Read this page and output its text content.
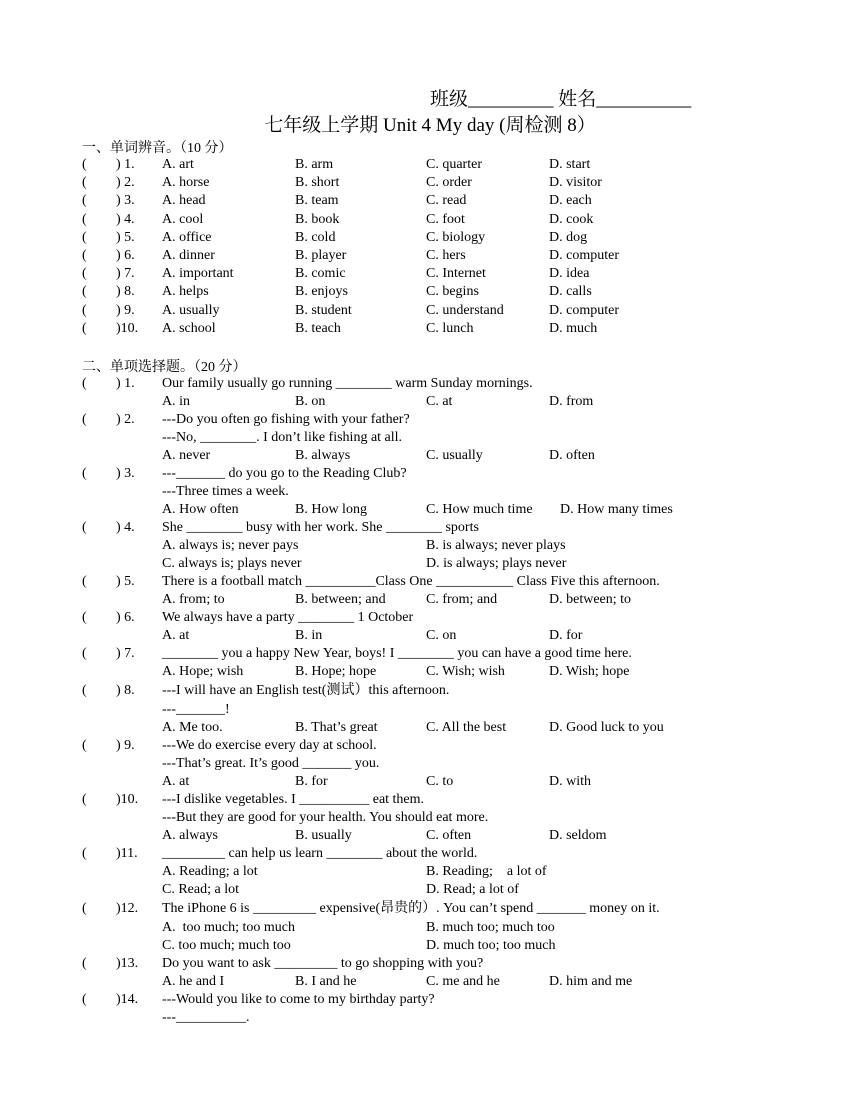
班级_________ 姓名__________
七年级上学期 Unit 4 My day (周检测 8）
一、单词辨音。（10 分）
( ) 1. A. art	B. arm	C. quarter	D. start
( ) 2. A. horse	B. short	C. order	D. visitor
( ) 3. A. head	B. team	C. read	D. each
( ) 4. A. cool	B. book	C. foot	D. cook
( ) 5. A. office	B. cold	C. biology	D. dog
( ) 6. A. dinner	B. player	C. hers	D. computer
( ) 7. A. important	B. comic	C. Internet	D. idea
( ) 8. A. helps	B. enjoys	C. begins	D. calls
( ) 9. A. usually	B. student	C. understand	D. computer
( )10. A. school	B. teach	C. lunch	D. much
二、单项选择题。（20 分）
( ) 1. Our family usually go running ________ warm Sunday mornings.
A. in	B. on	C. at	D. from
( ) 2. ---Do you often go fishing with your father?
---No, ________. I don’t like fishing at all.
A. never	B. always	C. usually	D. often
( ) 3. ---_______ do you go to the Reading Club?
---Three times a week.
A. How often	B. How long	C. How much time D. How many times
( ) 4. She ________ busy with her work. She ________ sports
A. always is; never pays	B. is always; never plays
C. always is; plays never	D. is always; plays never
( ) 5. There is a football match __________Class One ___________ Class Five this afternoon.
A. from; to	B. between; and	C. from; and	D. between; to
( ) 6. We always have a party ________ 1 October
A. at	B. in	C. on	D. for
( ) 7. ________ you a happy New Year, boys! I ________ you can have a good time here.
A. Hope; wish	B. Hope; hope	C. Wish; wish	D. Wish; hope
( ) 8. ---I will have an English test(测试）this afternoon.
---_______!
A. Me too.	B. That’s great	C. All the best	D. Good luck to you
( ) 9. ---We do exercise every day at school.
---That’s great. It’s good _______ you.
A. at	B. for	C. to	D. with
( )10. ---I dislike vegetables. I __________ eat them.
---But they are good for your health. You should eat more.
A. always	B. usually	C. often	D. seldom
( )11. _________ can help us learn ________ about the world.
A. Reading; a lot	B. Reading;    a lot of
C. Read; a lot	D. Read; a lot of
( )12. The iPhone 6 is _________ expensive(昂贵的）. You can’t spend _______ money on it.
A.  too much; too much	B. much too; much too
C. too much; much too	D. much too; too much
( )13. Do you want to ask _________ to go shopping with you?
A. he and I	B. I and he	C. me and he	D. him and me
( )14. ---Would you like to come to my birthday party?
---__________.
